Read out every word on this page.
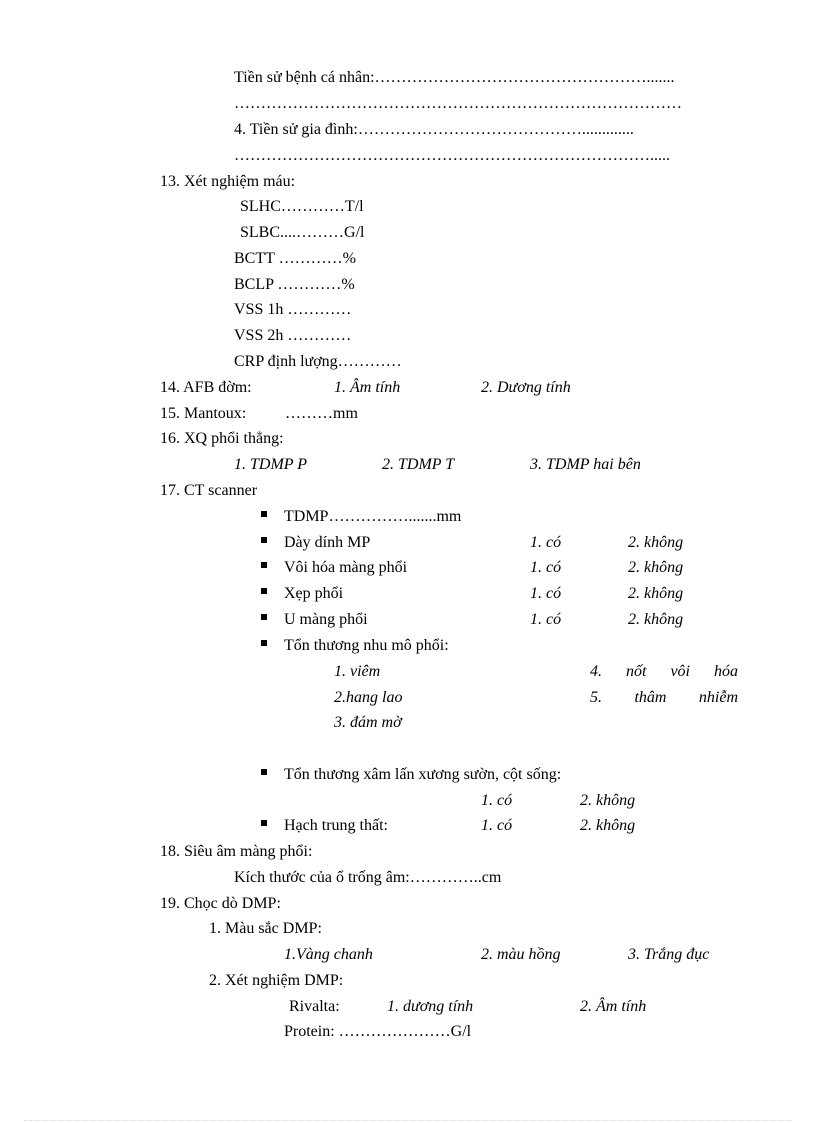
Tiền sử bệnh cá nhân:…………………………………………….......
…………………………………………………………………………
4. Tiền sử gia đình:…………………………………….............
…………………………………………………………………….....
13. Xét nghiệm máu:
SLHC…………T/l
SLBC....………G/l
BCTT …………%
BCLP …………%
VSS 1h …………
VSS 2h …………
CRP định lượng…………
14. AFB đờm:	1. Âm tính	2. Dương tính
15. Mantoux: ………mm
16. XQ phổi thẳng:
1. TDMP P	2. TDMP T	3. TDMP hai bên
17. CT scanner
TDMP…………….......mm
Dày dính MP	1. có	2. không
Vôi hóa màng phổi	1. có	2. không
Xẹp phổi	1. có	2. không
U màng phổi	1. có	2. không
Tổn thương nhu mô phổi:
1. viêm	4. nốt vôi hóa
2.hang lao	5. thâm nhiễm
3. đám mờ
Tổn thương xâm lấn xương sườn, cột sống:
1. có	2. không
Hạch trung thất:	1. có	2. không
18. Siêu âm màng phổi:
Kích thước của ổ trống âm:…………..cm
19. Chọc dò DMP:
1. Màu sắc DMP:
1.Vàng chanh	2. màu hồng	3. Trắng đục
2. Xét nghiệm DMP:
Rivalta:	1. dương tính	2. Âm tính
Protein: …………………G/l
